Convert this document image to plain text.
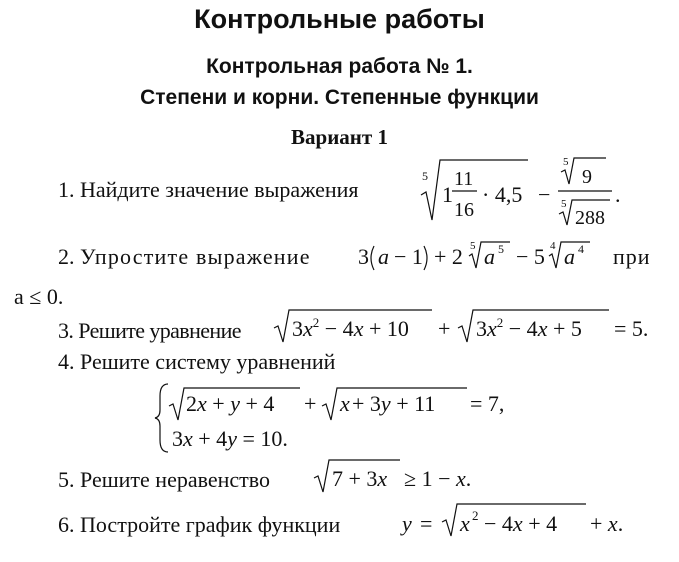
Контрольные работы
Контрольная работа № 1.
Степени и корни. Степенные функции
Вариант 1
1. Найдите значение выражения
5
1
11
16
· 4,5 −
5
9
5
288
.
2. Упростите выражение 3 a − 1 + 2 5 a 5 − 5 4 a 4 при
a ≤ 0.
3. Решите уравнение $3x^2 - 4x + 10 + 3x^2 - 4x + 5 = 5$.
4. Решите систему уравнений
2x + y + 4 + x + 3y + 11 = 7,
3x + 4y = 10.
5. Решите неравенство	7 + 3x ≥ 1 − x.
6. Постройте график функции	y = x 2 − 4x + 4 + x.
